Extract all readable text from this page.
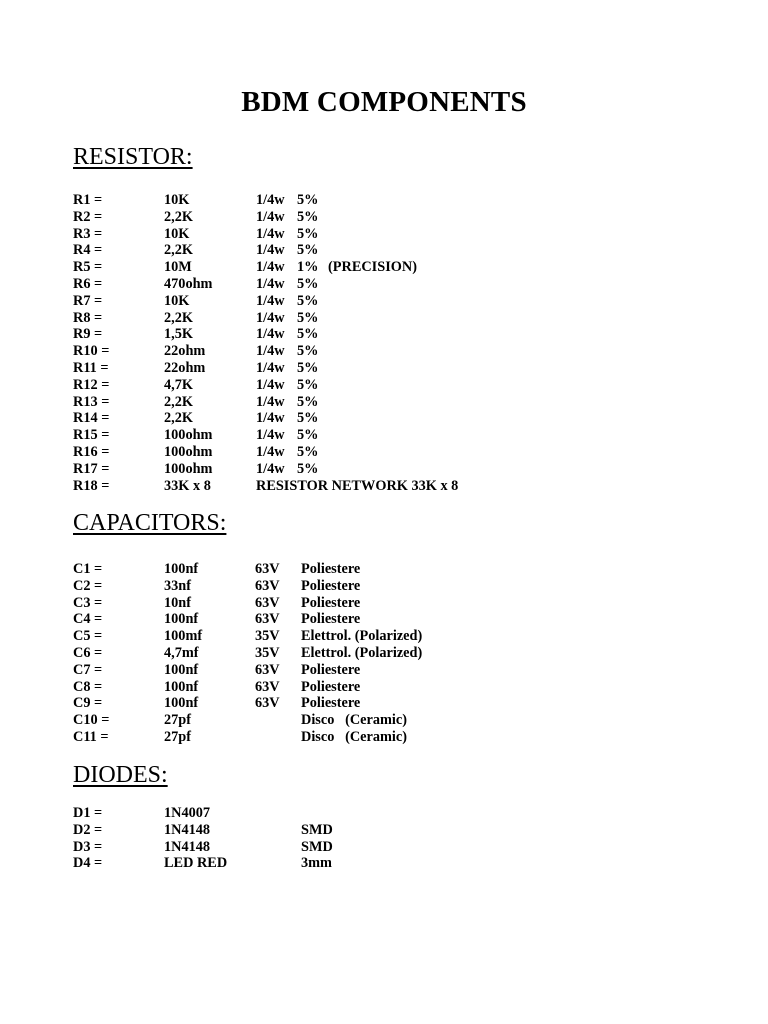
BDM COMPONENTS
RESISTOR:
R1 =	10K	1/4w 5%
R2 =	2,2K	1/4w 5%
R3 =	10K	1/4w 5%
R4 =	2,2K	1/4w 5%
R5 =	10M	1/4w 1% (PRECISION)
R6 =	470ohm	1/4w 5%
R7 =	10K	1/4w 5%
R8 =	2,2K	1/4w 5%
R9 =	1,5K	1/4w 5%
R10 =	22ohm	1/4w 5%
R11 =	22ohm	1/4w 5%
R12 =	4,7K	1/4w 5%
R13 =	2,2K	1/4w 5%
R14 =	2,2K	1/4w 5%
R15 =	100ohm	1/4w 5%
R16 =	100ohm	1/4w 5%
R17 =	100ohm	1/4w 5%
R18 =	33K x 8	RESISTOR NETWORK 33K x 8
CAPACITORS:
C1 =	100nf	63V Poliestere
C2 =	33nf	63V Poliestere
C3 =	10nf	63V Poliestere
C4 =	100nf	63V Poliestere
C5 =	100mf	35V Elettrol. (Polarized)
C6 =	4,7mf	35V Elettrol. (Polarized)
C7 =	100nf	63V Poliestere
C8 =	100nf	63V Poliestere
C9 =	100nf	63V Poliestere
C10 =	27pf	Disco   (Ceramic)
C11 =	27pf	Disco   (Ceramic)
DIODES:
D1 =	1N4007
D2 =	1N4148	SMD
D3 =	1N4148	SMD
D4 =	LED RED	3mm
